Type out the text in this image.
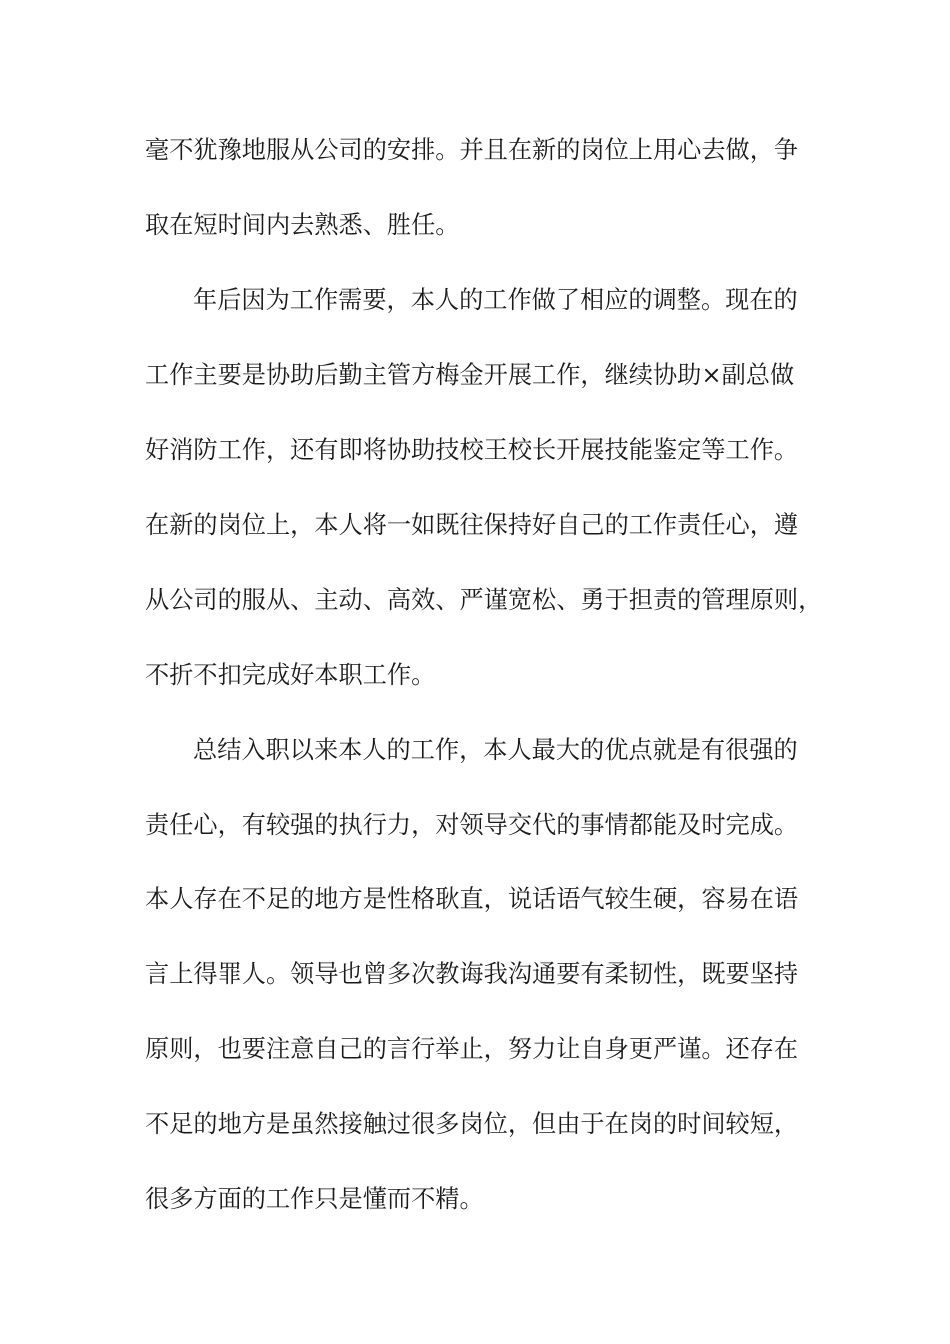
毫不犹豫地服从公司的安排。并且在新的岗位上用心去做，争
取在短时间内去熟悉、胜任。
年后因为工作需要，本人的工作做了相应的调整。现在的
工作主要是协助后勤主管方梅金开展工作，继续协助×副总做
好消防工作，还有即将协助技校王校长开展技能鉴定等工作。
在新的岗位上，本人将一如既往保持好自己的工作责任心，遵
从公司的服从、主动、高效、严谨宽松、勇于担责的管理原则，
不折不扣完成好本职工作。
总结入职以来本人的工作，本人最大的优点就是有很强的
责任心，有较强的执行力，对领导交代的事情都能及时完成。
本人存在不足的地方是性格耿直，说话语气较生硬，容易在语
言上得罪人。领导也曾多次教诲我沟通要有柔韧性，既要坚持
原则，也要注意自己的言行举止，努力让自身更严谨。还存在
不足的地方是虽然接触过很多岗位，但由于在岗的时间较短，
很多方面的工作只是懂而不精。
